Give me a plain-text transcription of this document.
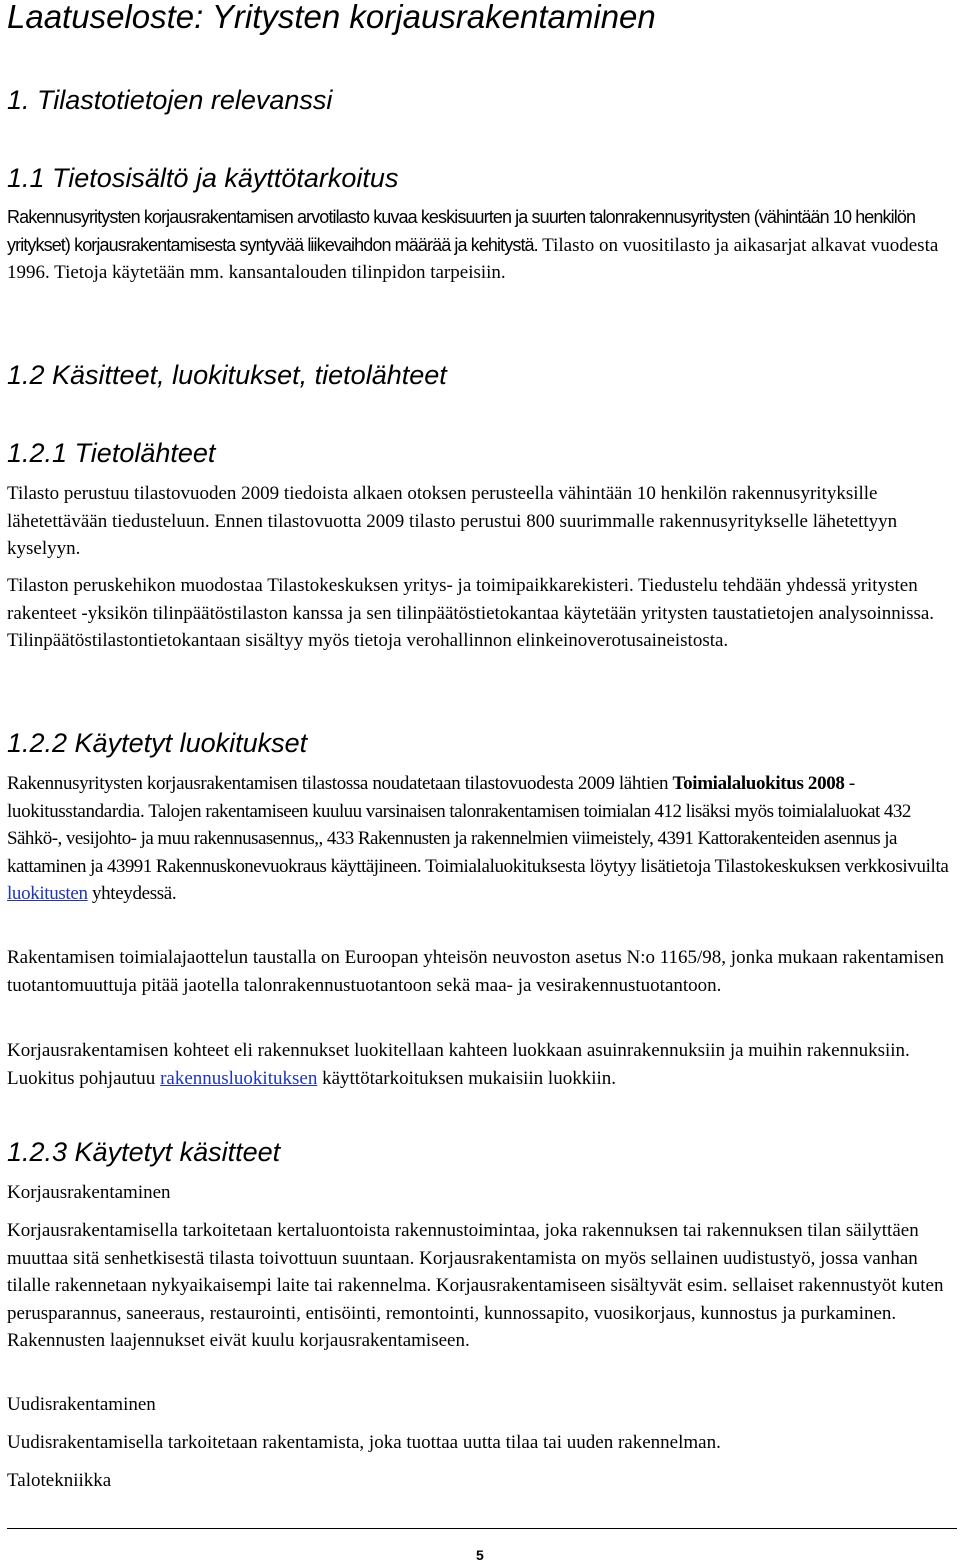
Laatuseloste: Yritysten korjausrakentaminen
1. Tilastotietojen relevanssi
1.1 Tietosisältö ja käyttötarkoitus

Rakennusyritysten korjausrakentamisen arvotilasto kuvaa keskisuurten ja suurten talonrakennusyritysten (vähintään 10 henkilön yritykset) korjausrakentamisesta syntyvää liikevaihdon määrää ja kehitystä. Tilasto on vuositilasto ja aikasarjat alkavat vuodesta 1996. Tietoja käytetään mm. kansantalouden tilinpidon tarpeisiin.

1.2 Käsitteet, luokitukset, tietolähteet
1.2.1 Tietolähteet

Tilasto perustuu tilastovuoden 2009 tiedoista alkaen otoksen perusteella vähintään 10 henkilön rakennusyrityksille lähetettävään tiedusteluun. Ennen tilastovuotta 2009 tilasto perustui 800 suurimmalle rakennusyritykselle lähetettyyn kyselyyn.

Tilaston peruskehikon muodostaa Tilastokeskuksen yritys- ja toimipaikkarekisteri. Tiedustelu tehdään yhdessä yritysten rakenteet -yksikön tilinpäätöstilaston kanssa ja sen tilinpäätöstietokantaa käytetään yritysten taustatietojen analysoinnissa. Tilinpäätöstilastontietokantaan sisältyy myös tietoja verohallinnon elinkeinoverotusaineistosta.

1.2.2 Käytetyt luokitukset

Rakennusyritysten korjausrakentamisen tilastossa noudatetaan tilastovuodesta 2009 lähtien Toimialaluokitus 2008 -luokitusstandardia. Talojen rakentamiseen kuuluu varsinaisen talonrakentamisen toimialan 412 lisäksi myös toimialaluokat 432 Sähkö-, vesijohto- ja muu rakennusasennus,, 433 Rakennusten ja rakennelmien viimeistely, 4391 Kattorakenteiden asennus ja kattaminen ja 43991 Rakennuskonevuokraus käyttäjineen. Toimialaluokituksesta löytyy lisätietoja Tilastokeskuksen verkkosivuilta luokitusten yhteydessä.

Rakentamisen toimialajaottelun taustalla on Euroopan yhteisön neuvoston asetus N:o 1165/98, jonka mukaan rakentamisen tuotantomuuttuja pitää jaotella talonrakennustuotantoon sekä maa- ja vesirakennustuotantoon.

Korjausrakentamisen kohteet eli rakennukset luokitellaan kahteen luokkaan asuinrakennuksiin ja muihin rakennuksiin. Luokitus pohjautuu rakennusluokituksen käyttötarkoituksen mukaisiin luokkiin.

1.2.3 Käytetyt käsitteet

Korjausrakentaminen

Korjausrakentamisella tarkoitetaan kertaluontoista rakennustoimintaa, joka rakennuksen tai rakennuksen tilan säilyttäen muuttaa sitä senhetkisestä tilasta toivottuun suuntaan. Korjausrakentamista on myös sellainen uudistustyö, jossa vanhan tilalle rakennetaan nykyaikaisempi laite tai rakennelma. Korjausrakentamiseen sisältyvät esim. sellaiset rakennustyöt kuten perusparannus, saneeraus, restaurointi, entisöinti, remontointi, kunnossapito, vuosikorjaus, kunnostus ja purkaminen. Rakennusten laajennukset eivät kuulu korjausrakentamiseen.

Uudisrakentaminen

Uudisrakentamisella tarkoitetaan rakentamista, joka tuottaa uutta tilaa tai uuden rakennelman.

Talotekniikka

5
